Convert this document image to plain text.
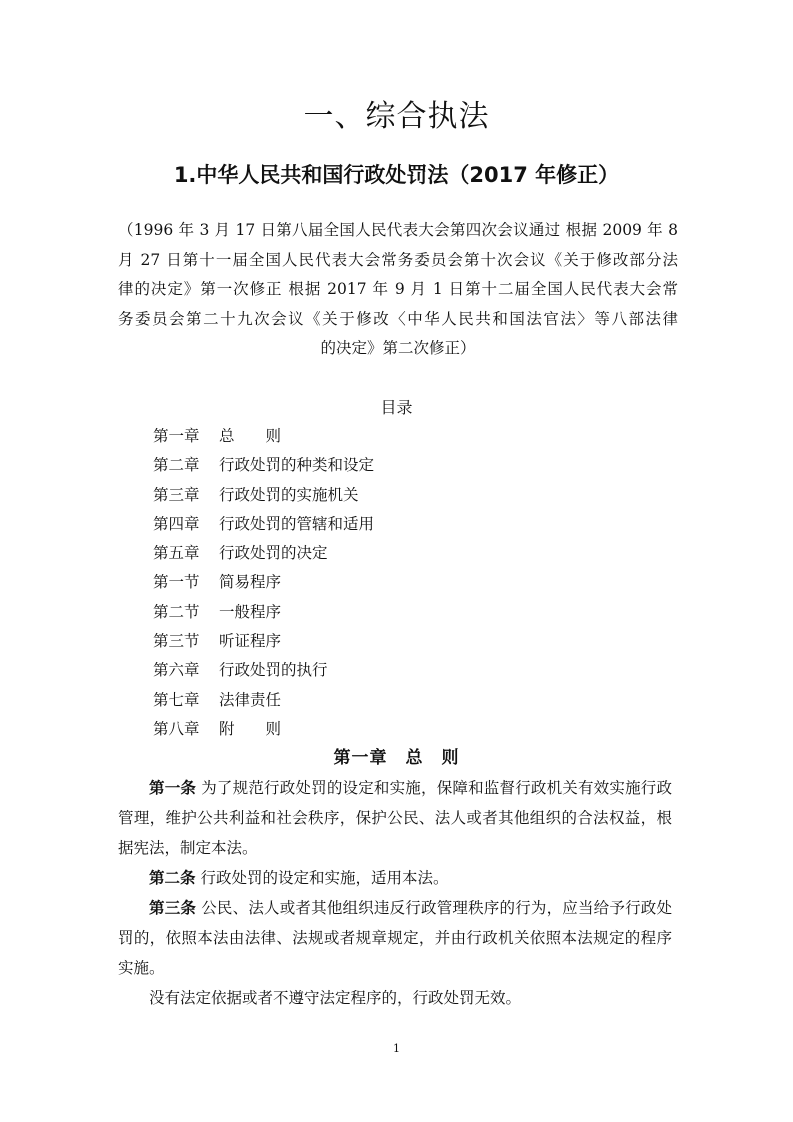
一、综合执法
1.中华人民共和国行政处罚法（2017 年修正）
（1996 年 3 月 17 日第八届全国人民代表大会第四次会议通过 根据 2009 年 8
月 27 日第十一届全国人民代表大会常务委员会第十次会议《关于修改部分法
律的决定》第一次修正 根据 2017 年 9 月 1 日第十二届全国人民代表大会常
务委员会第二十九次会议《关于修改〈中华人民共和国法官法〉等八部法律
的决定》第二次修正）
目录
第一章	总　　则
第二章	行政处罚的种类和设定
第三章	行政处罚的实施机关
第四章	行政处罚的管辖和适用
第五章	行政处罚的决定
第一节	简易程序
第二节	一般程序
第三节	听证程序
第六章	行政处罚的执行
第七章	法律责任
第八章	附　　则
第一章　总　则

第一条 为了规范行政处罚的设定和实施，保障和监督行政机关有效实施行政管理，维护公共利益和社会秩序，保护公民、法人或者其他组织的合法权益，根据宪法，制定本法。

第二条 行政处罚的设定和实施，适用本法。

第三条 公民、法人或者其他组织违反行政管理秩序的行为，应当给予行政处罚的，依照本法由法律、法规或者规章规定，并由行政机关依照本法规定的程序实施。

没有法定依据或者不遵守法定程序的，行政处罚无效。

1
